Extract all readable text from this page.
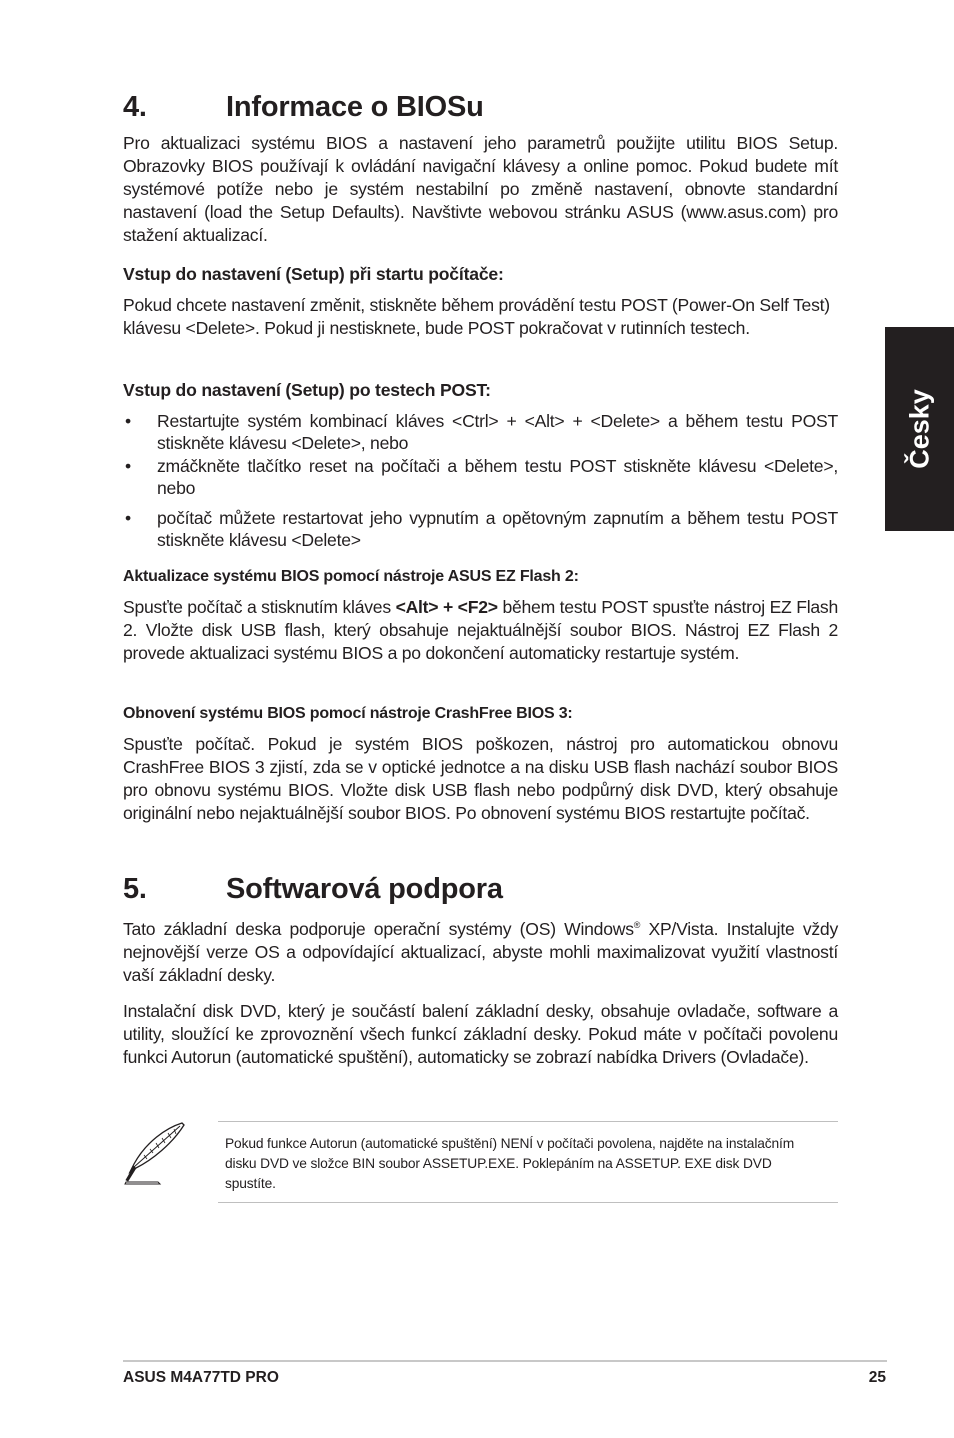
4.	Informace o BIOSu

Pro aktualizaci systému BIOS a nastavení jeho parametrů použijte utilitu BIOS Setup. Obrazovky BIOS používají k ovládání navigační klávesy a online pomoc. Pokud budete mít systémové potíže nebo je systém nestabilní po změně nastavení, obnovte standardní nastavení (load the Setup Defaults). Navštivte webovou stránku ASUS (www.asus.com) pro stažení aktualizací.

Vstup do nastavení (Setup) při startu počítače:

Pokud chcete nastavení změnit, stiskněte během provádění testu POST (Power-On Self Test) klávesu <Delete>. Pokud ji nestisknete, bude POST pokračovat v rutinních testech.

Vstup do nastavení (Setup) po testech POST:

• Restartujte systém kombinací kláves <Ctrl> + <Alt> + <Delete> a během testu POST stiskněte klávesu <Delete>, nebo
• zmáčkněte tlačítko reset na počítači a během testu POST stiskněte klávesu <Delete>, nebo
• počítač můžete restartovat jeho vypnutím a opětovným zapnutím a během testu POST stiskněte klávesu <Delete>

Aktualizace systému BIOS pomocí nástroje ASUS EZ Flash 2:

Spusťte počítač a stisknutím kláves <Alt> + <F2> během testu POST spusťte nástroj EZ Flash 2. Vložte disk USB flash, který obsahuje nejaktuálnější soubor BIOS. Nástroj EZ Flash 2 provede aktualizaci systému BIOS a po dokončení automaticky restartuje systém.

Obnovení systému BIOS pomocí nástroje CrashFree BIOS 3:

Spusťte počítač. Pokud je systém BIOS poškozen, nástroj pro automatickou obnovu CrashFree BIOS 3 zjistí, zda se v optické jednotce a na disku USB flash nachází soubor BIOS pro obnovu systému BIOS. Vložte disk USB flash nebo podpůrný disk DVD, který obsahuje originální nebo nejaktuálnější soubor BIOS. Po obnovení systému BIOS restartujte počítač.

5.	Softwarová podpora

Tato základní deska podporuje operační systémy (OS) Windows® XP/Vista. Instalujte vždy nejnovější verze OS a odpovídající aktualizací, abyste mohli maximalizovat využití vlastností vaší základní desky.

Instalační disk DVD, který je součástí balení základní desky, obsahuje ovladače, software a utility, sloužící ke zprovoznění všech funkcí základní desky. Pokud máte v počítači povolenu funkci Autorun (automatické spuštění), automaticky se zobrazí nabídka Drivers (Ovladače).

Česky

Pokud funkce Autorun (automatické spuštění) NENÍ v počítači povolena, najděte na instalačním disku DVD ve složce BIN soubor ASSETUP.EXE. Poklepáním na ASSETUP. EXE disk DVD spustíte.

ASUS M4A77TD PRO	25
